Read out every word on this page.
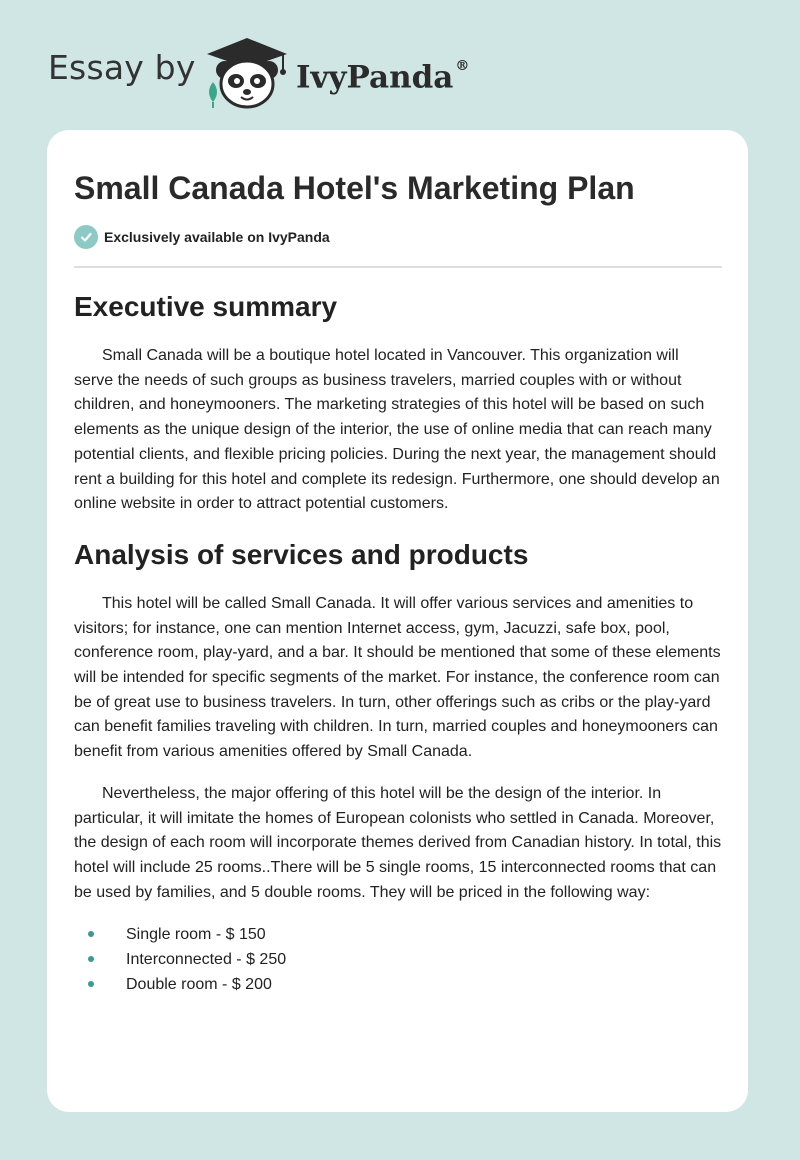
Essay by	IvyPanda ®
Small Canada Hotel's Marketing Plan
Exclusively available on IvyPanda
Executive summary

Small Canada will be a boutique hotel located in Vancouver. This organization will serve the needs of such groups as business travelers, married couples with or without children, and honeymooners. The marketing strategies of this hotel will be based on such elements as the unique design of the interior, the use of online media that can reach many potential clients, and flexible pricing policies. During the next year, the management should rent a building for this hotel and complete its redesign. Furthermore, one should develop an online website in order to attract potential customers.

Analysis of services and products

This hotel will be called Small Canada. It will offer various services and amenities to visitors; for instance, one can mention Internet access, gym, Jacuzzi, safe box, pool, conference room, play-yard, and a bar. It should be mentioned that some of these elements will be intended for specific segments of the market. For instance, the conference room can be of great use to business travelers. In turn, other offerings such as cribs or the play-yard can benefit families traveling with children. In turn, married couples and honeymooners can benefit from various amenities offered by Small Canada.

Nevertheless, the major offering of this hotel will be the design of the interior. In particular, it will imitate the homes of European colonists who settled in Canada. Moreover, the design of each room will incorporate themes derived from Canadian history. In total, this hotel will include 25 rooms..There will be 5 single rooms, 15 interconnected rooms that can be used by families, and 5 double rooms. They will be priced in the following way:

Single room - $ 150
Interconnected - $ 250
Double room - $ 200
